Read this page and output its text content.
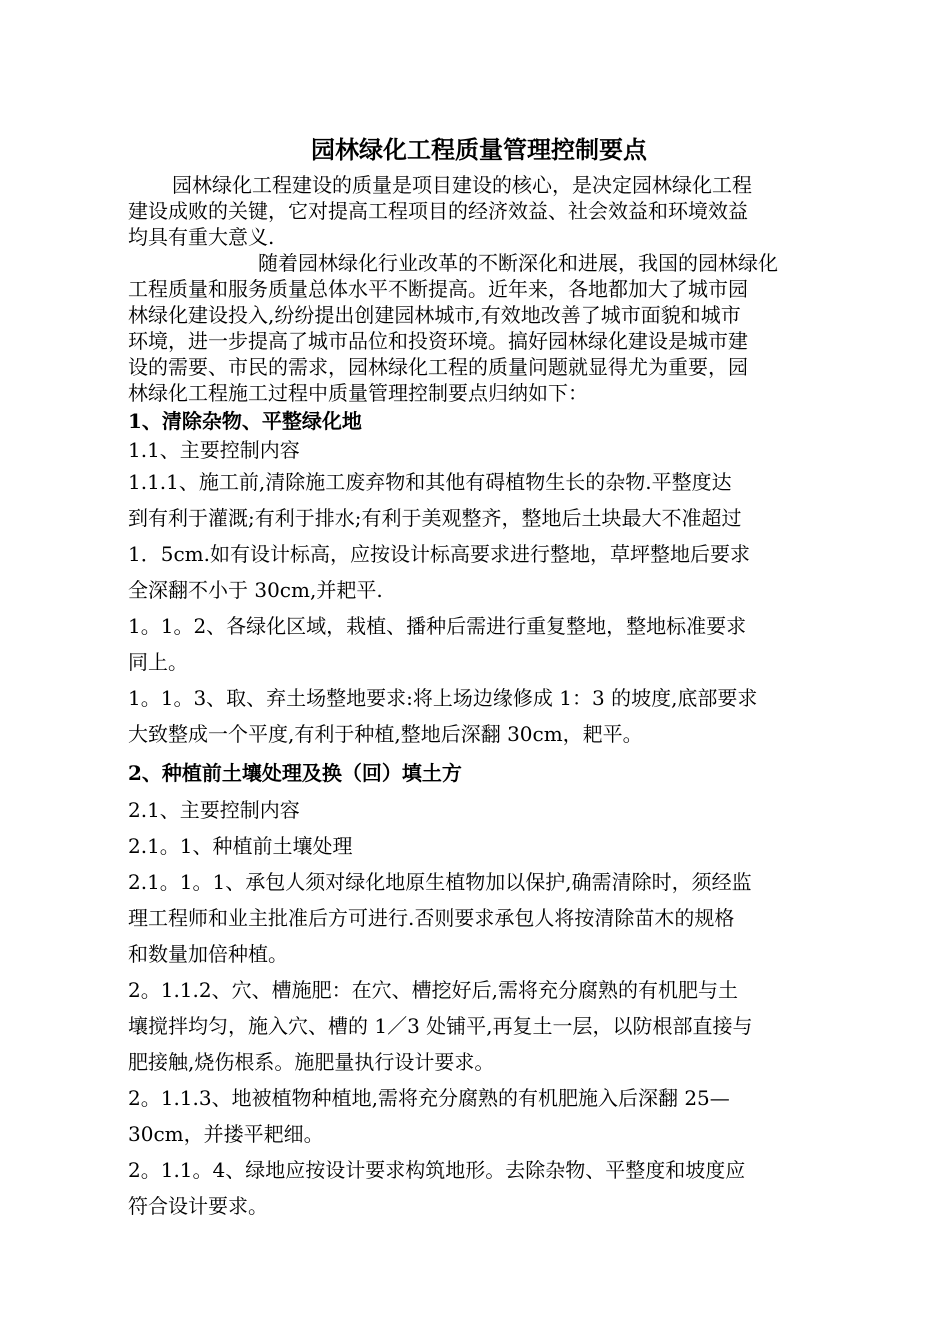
园林绿化工程质量管理控制要点

园林绿化工程建设的质量是项目建设的核心，是决定园林绿化工程

建设成败的关键，它对提高工程项目的经济效益、社会效益和环境效益

均具有重大意义.

随着园林绿化行业改革的不断深化和进展，我国的园林绿化

工程质量和服务质量总体水平不断提高。近年来，各地都加大了城市园

林绿化建设投入,纷纷提出创建园林城市,有效地改善了城市面貌和城市

环境，进一步提高了城市品位和投资环境。搞好园林绿化建设是城市建

设的需要、市民的需求，园林绿化工程的质量问题就显得尤为重要，园

林绿化工程施工过程中质量管理控制要点归纳如下：

1、清除杂物、平整绿化地

1.1、主要控制内容

1.1.1、施工前,清除施工废弃物和其他有碍植物生长的杂物.平整度达

到有利于灌溉;有利于排水;有利于美观整齐，整地后土块最大不准超过

1．5cm.如有设计标高，应按设计标高要求进行整地，草坪整地后要求

全深翻不小于 30cm,并耙平.

1。1。2、各绿化区域，栽植、播种后需进行重复整地，整地标准要求

同上。

1。1。3、取、弃土场整地要求:将上场边缘修成 1：3 的坡度,底部要求

大致整成一个平度,有利于种植,整地后深翻 30cm，耙平。

2、种植前土壤处理及换（回）填土方

2.1、主要控制内容

2.1。1、种植前土壤处理

2.1。1。1、承包人须对绿化地原生植物加以保护,确需清除时，须经监

理工程师和业主批准后方可进行.否则要求承包人将按清除苗木的规格

和数量加倍种植。

2。1.1.2、穴、槽施肥：在穴、槽挖好后,需将充分腐熟的有机肥与土

壤搅拌均匀，施入穴、槽的 1／3 处铺平,再复土一层，以防根部直接与

肥接触,烧伤根系。施肥量执行设计要求。

2。1.1.3、地被植物种植地,需将充分腐熟的有机肥施入后深翻 25—

30cm，并搂平耙细。

2。1.1。4、绿地应按设计要求构筑地形。去除杂物、平整度和坡度应

符合设计要求。
